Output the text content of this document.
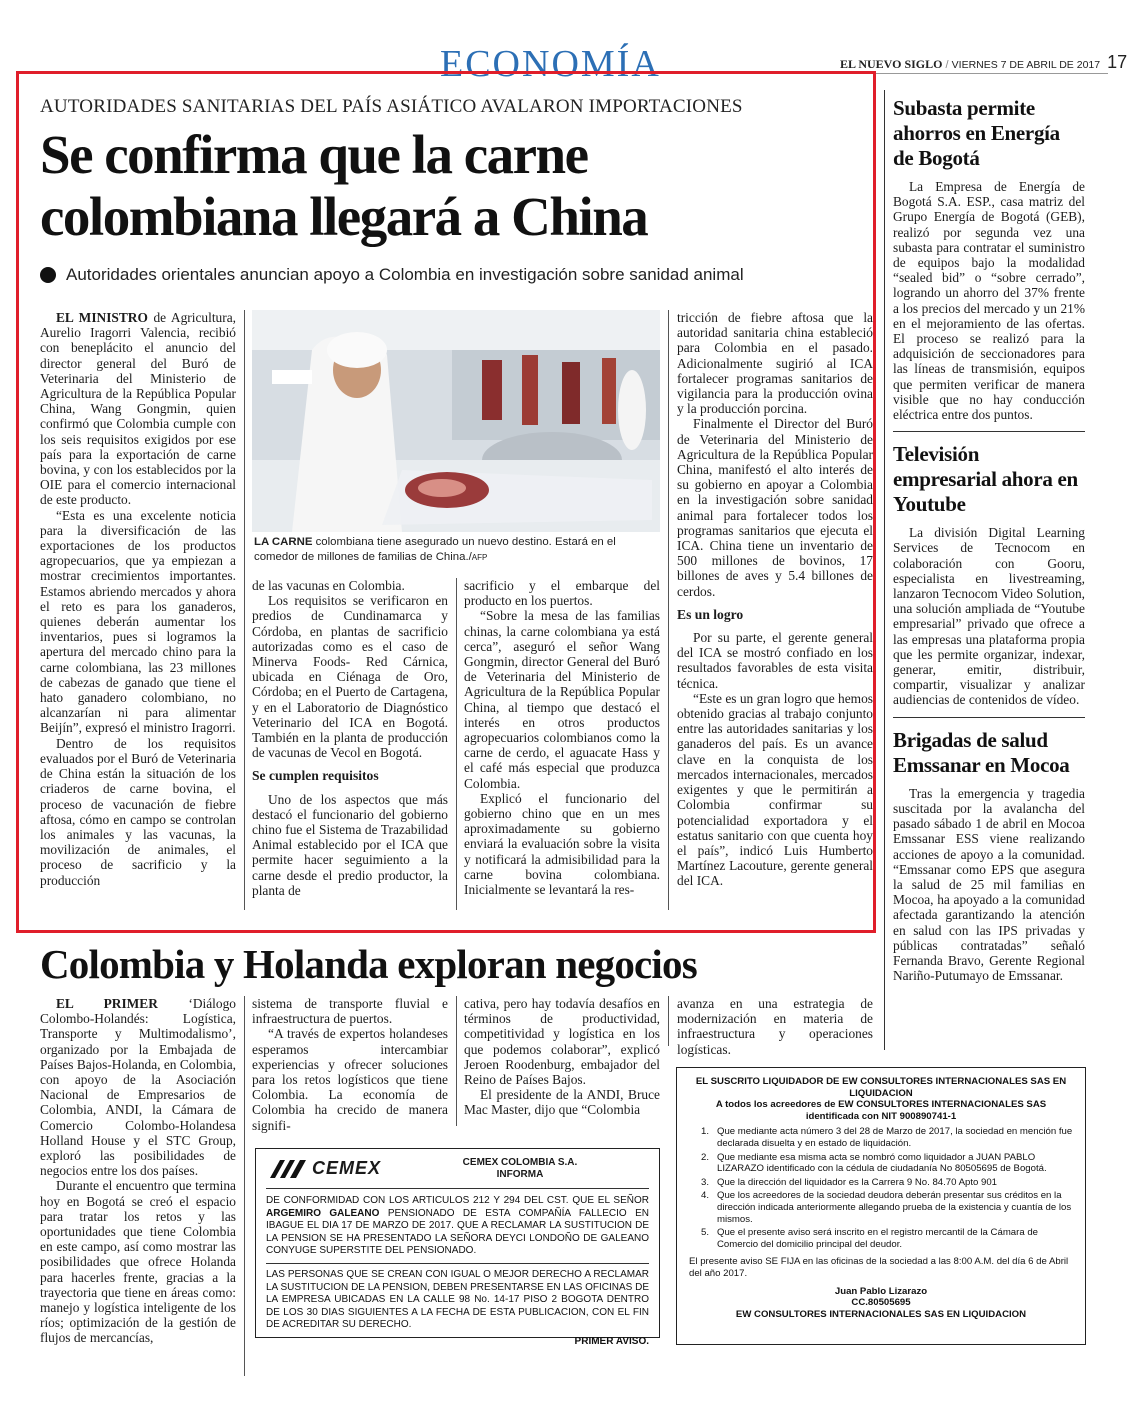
ECONOMÍA	EL NUEVO SIGLO / VIERNES 7 DE ABRIL DE 2017 17
AUTORIDADES SANITARIAS DEL PAÍS ASIÁTICO AVALARON IMPORTACIONES
Se confirma que la carne
colombiana llegará a China
Autoridades orientales anuncian apoyo a Colombia en investigación sobre sanidad animal

EL MINISTRO de Agricultura, Aurelio Iragorri Valencia, recibió con beneplácito el anuncio del director general del Buró de Veterinaria del Ministerio de Agricultura de la República Popular China, Wang Gongmin, quien confirmó que Colombia cumple con los seis requisitos exigidos por ese país para la exportación de carne bovina, y con los establecidos por la OIE para el comercio internacional de este producto.

“Esta es una excelente noticia para la diversificación de las exportaciones de los productos agropecuarios, que ya empiezan a mostrar crecimientos importantes. Estamos abriendo mercados y ahora el reto es para los ganaderos, quienes deberán aumentar los inventarios, pues si logramos la apertura del mercado chino para la carne colombiana, las 23 millones de cabezas de ganado que tiene el hato ganadero colombiano, no alcanzarían ni para alimentar Beijín”, expresó el ministro Iragorri.

Dentro de los requisitos evaluados por el Buró de Veterinaria de China están la situación de los criaderos de carne bovina, el proceso de vacunación de fiebre aftosa, cómo en campo se controlan los animales y las vacunas, la movilización de animales, el proceso de sacrificio y la producción

LA CARNE colombiana tiene asegurado un nuevo destino. Estará en el comedor de millones de familias de China./AFP

de las vacunas en Colombia.

Los requisitos se verificaron en predios de Cundinamarca y Córdoba, en plantas de sacrificio autorizadas como es el caso de Minerva Foods- Red Cárnica, ubicada en Ciénaga de Oro, Córdoba; en el Puerto de Cartagena, y en el Laboratorio de Diagnóstico Veterinario del ICA en Bogotá. También en la planta de producción de vacunas de Vecol en Bogotá.

Se cumplen requisitos

Uno de los aspectos que más destacó el funcionario del gobierno chino fue el Sistema de Trazabilidad Animal establecido por el ICA que permite hacer seguimiento a la carne desde el predio productor, la planta de

sacrificio y el embarque del producto en los puertos.

“Sobre la mesa de las familias chinas, la carne colombiana ya está cerca”, aseguró el señor Wang Gongmin, director General del Buró de Veterinaria del Ministerio de Agricultura de la República Popular China, al tiempo que destacó el interés en otros productos agropecuarios colombianos como la carne de cerdo, el aguacate Hass y el café más especial que produzca Colombia.

Explicó el funcionario del gobierno chino que en un mes aproximadamente su gobierno enviará la evaluación sobre la visita y notificará la admisibilidad para la carne bovina colombiana. Inicialmente se levantará la res-

tricción de fiebre aftosa que la autoridad sanitaria china estableció para Colombia en el pasado. Adicionalmente sugirió al ICA fortalecer programas sanitarios de vigilancia para la producción ovina y la producción porcina.

Finalmente el Director del Buró de Veterinaria del Ministerio de Agricultura de la República Popular China, manifestó el alto interés de su gobierno en apoyar a Colombia en la investigación sobre sanidad animal para fortalecer todos los programas sanitarios que ejecuta el ICA. China tiene un inventario de 500 millones de bovinos, 17 billones de aves y 5.4 billones de cerdos.

Es un logro

Por su parte, el gerente general del ICA se mostró confiado en los resultados favorables de esta visita técnica.

“Este es un gran logro que hemos obtenido gracias al trabajo conjunto entre las autoridades sanitarias y los ganaderos del país. Es un avance clave en la conquista de los mercados internacionales, mercados exigentes y que le permitirán a Colombia confirmar su potencialidad exportadora y el estatus sanitario con que cuenta hoy el país”, indicó Luis Humberto Martínez Lacouture, gerente general del ICA.

Subasta permite ahorros en Energía de Bogotá

La Empresa de Energía de Bogotá S.A. ESP., casa matriz del Grupo Energía de Bogotá (GEB), realizó por segunda vez una subasta para contratar el suministro de equipos bajo la modalidad “sealed bid” o “sobre cerrado”, logrando un ahorro del 37% frente a los precios del mercado y un 21% en el mejoramiento de las ofertas. El proceso se realizó para la adquisición de seccionadores para las líneas de transmisión, equipos que permiten verificar de manera visible que no hay conducción eléctrica entre dos puntos.

Televisión empresarial ahora en Youtube

La división Digital Learning Services de Tecnocom en colaboración con Gooru, especialista en livestreaming, lanzaron Tecnocom Video Solution, una solución ampliada de “Youtube empresarial” privado que ofrece a las empresas una plataforma propia que les permite organizar, indexar, generar, emitir, distribuir, compartir, visualizar y analizar audiencias de contenidos de vídeo.

Brigadas de salud Emssanar en Mocoa

Tras la emergencia y tragedia suscitada por la avalancha del pasado sábado 1 de abril en Mocoa Emssanar ESS viene realizando acciones de apoyo a la comunidad. “Emssanar como EPS que asegura la salud de 25 mil familias en Mocoa, ha apoyado a la comunidad afectada garantizando la atención en salud con las IPS privadas y públicas contratadas” señaló Fernanda Bravo, Gerente Regional Nariño-Putumayo de Emssanar.

Colombia y Holanda exploran negocios

EL PRIMER ‘Diálogo Colombo-Holandés: Logística, Transporte y Multimodalismo’, organizado por la Embajada de Países Bajos-Holanda, en Colombia, con apoyo de la Asociación Nacional de Empresarios de Colombia, ANDI, la Cámara de Comercio Colombo-Holandesa Holland House y el STC Group, exploró las posibilidades de negocios entre los dos países.

Durante el encuentro que termina hoy en Bogotá se creó el espacio para tratar los retos y las oportunidades que tiene Colombia en este campo, así como mostrar las posibilidades que ofrece Holanda para hacerles frente, gracias a la trayectoria que tiene en áreas como: manejo y logística inteligente de los ríos; optimización de la gestión de flujos de mercancías,

sistema de transporte fluvial e infraestructura de puertos.

“A través de expertos holandeses esperamos intercambiar experiencias y ofrecer soluciones para los retos logísticos que tiene Colombia. La economía de Colombia ha crecido de manera signifi-

cativa, pero hay todavía desafíos en términos de productividad, competitividad y logística en los que podemos colaborar”, explicó Jeroen Roodenburg, embajador del Reino de Países Bajos.

El presidente de la ANDI, Bruce Mac Master, dijo que “Colombia

avanza en una estrategia de modernización en materia de infraestructura y operaciones logísticas.

CEMEX	CEMEX COLOMBIA S.A.
INFORMA
DE CONFORMIDAD CON LOS ARTICULOS 212 Y 294 DEL CST. QUE EL SEÑOR ARGEMIRO GALEANO PENSIONADO DE ESTA COMPAÑÍA FALLECIO EN IBAGUE EL DIA 17 DE MARZO DE 2017. QUE A RECLAMAR LA SUSTITUCION DE LA PENSION SE HA PRESENTADO LA SEÑORA DEYCI LONDOÑO DE GALEANO CONYUGE SUPERSTITE DEL PENSIONADO.
LAS PERSONAS QUE SE CREAN CON IGUAL O MEJOR DERECHO A RECLAMAR LA SUSTITUCION DE LA PENSION, DEBEN PRESENTARSE EN LAS OFICINAS DE LA EMPRESA UBICADAS EN LA CALLE 98 No. 14-17 PISO 2 BOGOTA DENTRO DE LOS 30 DIAS SIGUIENTES A LA FECHA DE ESTA PUBLICACION, CON EL FIN DE ACREDITAR SU DERECHO.
PRIMER AVISO.
EL SUSCRITO LIQUIDADOR DE EW CONSULTORES INTERNACIONALES SAS EN LIQUIDACION
A todos los acreedores de EW CONSULTORES INTERNACIONALES SAS
identificada con NIT 900890741-1
1. Que mediante acta número 3 del 28 de Marzo de 2017, la sociedad en mención fue declarada disuelta y en estado de liquidación.
2. Que mediante esa misma acta se nombró como liquidador a JUAN PABLO LIZARAZO identificado con la cédula de ciudadanía No 80505695 de Bogotá.
3. Que la dirección del liquidador es la Carrera 9 No. 84.70 Apto 901
4. Que los acreedores de la sociedad deudora deberán presentar sus créditos en la dirección indicada anteriormente allegando prueba de la existencia y cuantía de los mismos.
5. Que el presente aviso será inscrito en el registro mercantil de la Cámara de Comercio del domicilio principal del deudor.
El presente aviso SE FIJA en las oficinas de la sociedad a las 8:00 A.M. del día 6 de Abril del año 2017.
Juan Pablo Lizarazo
CC.80505695
EW CONSULTORES INTERNACIONALES SAS EN LIQUIDACION
